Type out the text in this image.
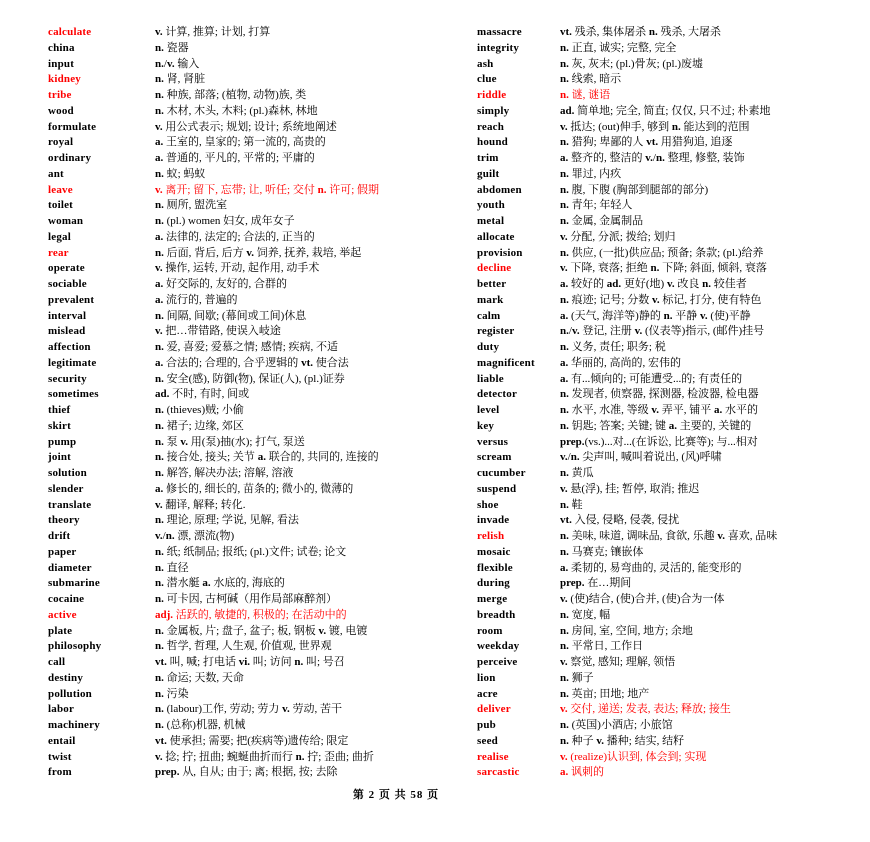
calculate	v. 计算, 推算; 计划, 打算
china	n. 瓷器
input	n./v. 输入
kidney	n. 肾, 肾脏
tribe	n. 种族, 部落; (植物, 动物)族, 类
wood	n. 木材, 木头, 木料; (pl.)森林, 林地
formulate	v. 用公式表示; 规划; 设计; 系统地阐述
royal	a. 王室的, 皇家的; 第一流的, 高贵的
ordinary	a. 普通的, 平凡的, 平常的; 平庸的
ant	n. 蚁; 蚂蚁
leave	v. 离开; 留下, 忘带; 让, 听任; 交付 n. 许可; 假期
toilet	n. 厕所, 盥洗室
woman	n. (pl.) women 妇女, 成年女子
legal	a. 法律的, 法定的; 合法的, 正当的
rear	n. 后面, 背后, 后方 v. 饲养, 抚养, 栽培, 举起
operate	v. 操作, 运转, 开动, 起作用, 动手术
sociable	a. 好交际的, 友好的, 合群的
prevalent	a. 流行的, 普遍的
interval	n. 间隔, 间歇; (幕间或工间)休息
mislead	v. 把…带错路, 使误入岐途
affection	n. 爱, 喜爱; 爱慕之情; 感情; 疾病, 不适
legitimate	a. 合法的; 合理的, 合乎逻辑的 vt. 使合法
security	n. 安全(感), 防御(物), 保证(人), (pl.)证券
sometimes	ad. 不时, 有时, 间或
thief	n. (thieves)贼; 小偷
skirt	n. 裙子; 边缘, 郊区
pump	n. 泵 v. 用(泵)抽(水); 打气, 泵送
joint	n. 接合处, 接头; 关节 a. 联合的, 共同的, 连接的
solution	n. 解答, 解决办法; 溶解, 溶液
slender	a. 修长的, 细长的, 苗条的; 微小的, 微薄的
translate	v. 翻译, 解释; 转化.
theory	n. 理论, 原理; 学说, 见解, 看法
drift	v./n. 漂, 漂流(物)
paper	n. 纸; 纸制品; 报纸; (pl.)文件; 试卷; 论文
diameter	n. 直径
submarine	n. 潜水艇 a. 水底的, 海底的
cocaine	n. 可卡因, 古柯碱（用作局部麻醉剂）
active	adj. 活跃的, 敏捷的, 积极的; 在活动中的
plate	n. 金属板, 片; 盘子, 盆子; 板, 钢板 v. 镀, 电镀
philosophy	n. 哲学, 哲理, 人生观, 价值观, 世界观
call	vt. 叫, 喊; 打电话 vi. 叫; 访问 n. 叫; 号召
destiny	n. 命运; 天数, 天命
pollution	n. 污染
labor	n. (labour)工作, 劳动; 劳力 v. 劳动, 苦干
machinery	n. (总称)机器, 机械
entail	vt. 使承担; 需要; 把(疾病等)遗传给; 限定
twist	v. 捻; 拧; 扭曲; 蜿蜒曲折而行 n. 拧; 歪曲; 曲折
from	prep. 从, 自从; 由于; 离; 根据, 按; 去除
massacre	vt. 残杀, 集体屠杀 n. 残杀, 大屠杀
integrity	n. 正直, 诚实; 完整, 完全
ash	n. 灰, 灰末; (pl.)骨灰; (pl.)废墟
clue	n. 线索, 暗示
riddle	n. 谜, 谜语
simply	ad. 简单地; 完全, 简直; 仅仅, 只不过; 朴素地
reach	v. 抵达; (out)伸手, 够到 n. 能达到的范围
hound	n. 猎狗; 卑鄙的人 vt. 用猎狗追, 追逐
trim	a. 整齐的, 整洁的 v./n. 整理, 修整, 装饰
guilt	n. 罪过, 内疚
abdomen	n. 腹, 下腹 (胸部到腿部的部分)
youth	n. 青年; 年轻人
metal	n. 金属, 金属制品
allocate	v. 分配, 分派; 拨给; 划归
provision	n. 供应, (一批)供应品; 预备; 条款; (pl.)给养
decline	v. 下降, 衰落; 拒绝 n. 下降; 斜面, 倾斜, 衰落
better	a. 较好的 ad. 更好(地) v. 改良 n. 较佳者
mark	n. 痕迹; 记号; 分数 v. 标记, 打分, 使有特色
calm	a. (天气, 海洋等)静的 n. 平静 v. (使)平静
register	n./v. 登记, 注册 v. (仪表等)指示, (邮件)挂号
duty	n. 义务, 责任; 职务; 税
magnificent	a. 华丽的, 高尚的, 宏伟的
liable	a. 有...倾向的; 可能遭受...的; 有责任的
detector	n. 发现者, 侦察器, 探测器, 检波器, 检电器
level	n. 水平, 水准, 等级 v. 弄平, 铺平 a. 水平的
key	n. 钥匙; 答案; 关键; 键 a. 主要的, 关键的
versus	prep.(vs.)...对...(在诉讼, 比赛等); 与...相对
scream	v./n. 尖声叫, 喊叫着说出, (风)呼啸
cucumber	n. 黄瓜
suspend	v. 悬(浮), 挂; 暂停, 取消; 推迟
shoe	n. 鞋
invade	vt. 入侵, 侵略, 侵袭, 侵扰
relish	n. 美味, 味道, 调味品, 食欲, 乐趣 v. 喜欢, 品味
mosaic	n. 马赛克; 镶嵌体
flexible	a. 柔韧的, 易弯曲的, 灵活的, 能变形的
during	prep. 在…期间
merge	v. (使)结合, (使)合并, (使)合为一体
breadth	n. 宽度, 幅
room	n. 房间, 室, 空间, 地方; 余地
weekday	n. 平常日, 工作日
perceive	v. 察觉, 感知; 理解, 领悟
lion	n. 狮子
acre	n. 英亩; 田地; 地产
deliver	v. 交付, 递送; 发表, 表达; 释放; 接生
pub	n. (英国)小酒店; 小旅馆
seed	n. 种子 v. 播种; 结实, 结籽
realise	v. (realize)认识到, 体会到; 实现
sarcastic	a. 讽刺的
第 2 页 共 58 页
